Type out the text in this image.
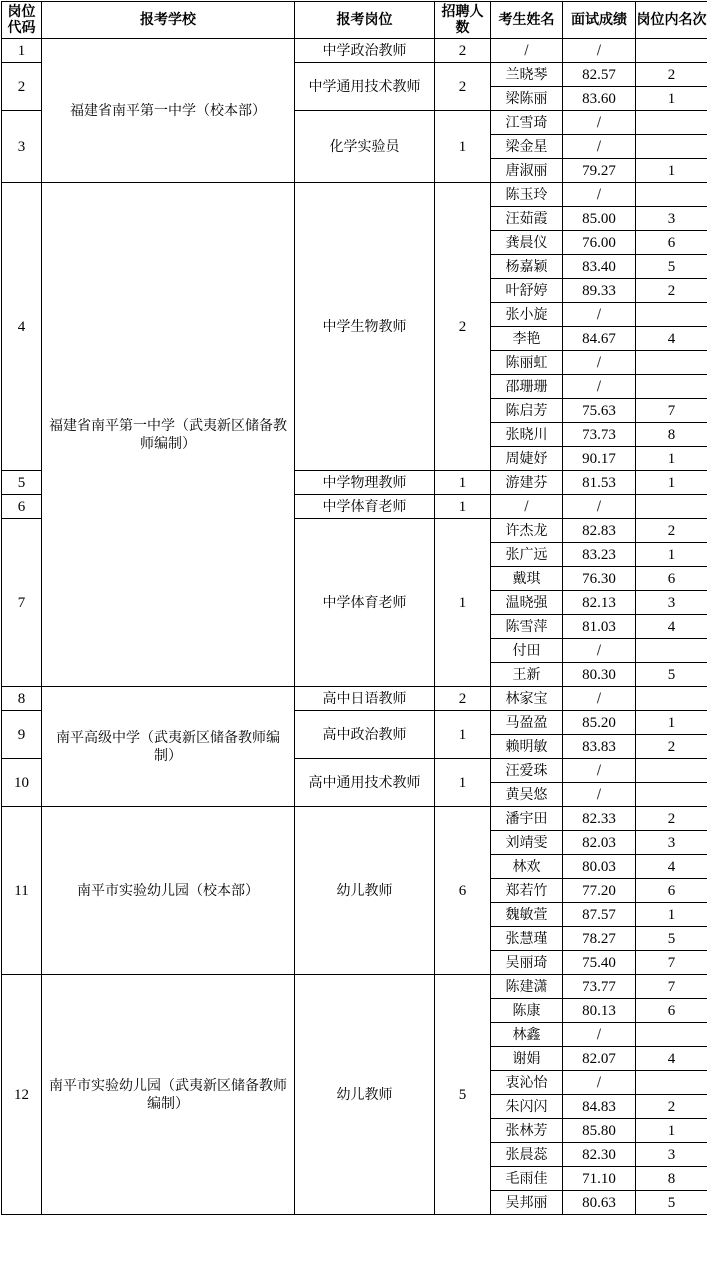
岗位代码	报考学校	报考岗位	招聘人数	考生姓名	面试成绩	岗位内名次
1	福建省南平第一中学（校本部）	中学政治教师	2	/	/	
2		中学通用技术教师	2	兰晓琴	82.57	2
				梁陈丽	83.60	1
3		化学实验员	1	江雪琦	/	
				梁金星	/	
				唐淑丽	79.27	1
4	福建省南平第一中学（武夷新区储备教师编制）	中学生物教师	2	陈玉玲	/	
				汪茹霞	85.00	3
				龚晨仪	76.00	6
				杨嘉颖	83.40	5
				叶舒婷	89.33	2
				张小旋	/	
				李艳	84.67	4
				陈丽虹	/	
				邵珊珊	/	
				陈启芳	75.63	7
				张晓川	73.73	8
				周婕妤	90.17	1
5		中学物理教师	1	游建芬	81.53	1
6		中学体育老师	1	/	/	
7		中学体育老师	1	许杰龙	82.83	2
				张广远	83.23	1
				戴琪	76.30	6
				温晓强	82.13	3
				陈雪萍	81.03	4
				付田	/	
				王新	80.30	5
8	南平高级中学（武夷新区储备教师编制）	高中日语教师	2	林家宝	/	
9		高中政治教师	1	马盈盈	85.20	1
				赖明敏	83.83	2
10		高中通用技术教师	1	汪爱珠	/	
				黄吴悠	/	
11	南平市实验幼儿园（校本部）	幼儿教师	6	潘宇田	82.33	2
				刘靖雯	82.03	3
				林欢	80.03	4
				郑若竹	77.20	6
				魏敏萱	87.57	1
				张慧瑾	78.27	5
				吴丽琦	75.40	7
12	南平市实验幼儿园（武夷新区储备教师编制）	幼儿教师	5	陈建潇	73.77	7
				陈康	80.13	6
				林鑫	/	
				谢娟	82.07	4
				衷沁怡	/	
				朱闪闪	84.83	2
				张林芳	85.80	1
				张晨蕊	82.30	3
				毛雨佳	71.10	8
				吴邦丽	80.63	5
